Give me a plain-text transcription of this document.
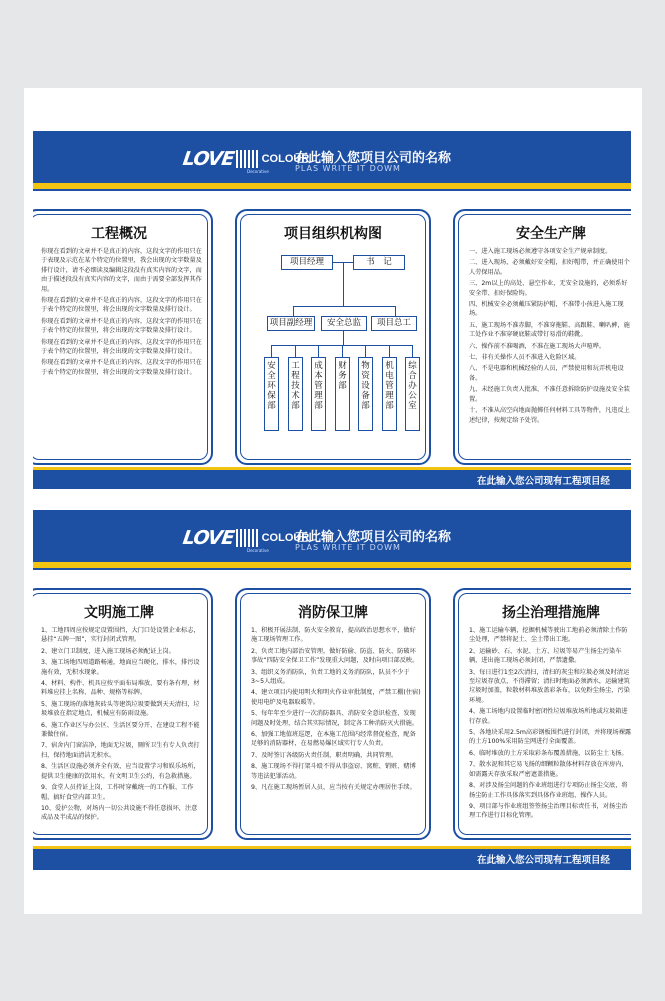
LOVE COLOUR
Decorative
在此输入您项目公司的名称
PLAS WRITE IT DOWM
工程概况

你现在看到的文章并不是真正的内容，这段文字的作用只在于表现及示范在某个特定的位置里，我会出现的文字数量及排行设计，请不必细读及编辑这段没有真实内容的文字，而由于描述段没有真实内容的文字，而由于需要全部发挥其作用。

你现在看到的文章并不是真正的内容，这段文字的作用只在于表个特定的位置里，将会出现的文字数量及排行设计。

你现在看到的文章并不是真正的内容，这段文字的作用只在于表个特定的位置里，将会出现的文字数量及排行设计。

你现在看到的文章并不是真正的内容，这段文字的作用只在于表个特定的位置里，将会出现的文字数量及排行设计。

你现在看到的文章并不是真正的内容，这段文字的作用只在于表个特定的位置里，将会出现的文字数量及排行设计。

项目组织机构图
项目经理	书　记
项目副经理	安全总监	项目总工
安全环保部
工程技术部
成本管理部
财务部
物资设备部
机电管理部
综合办公室
安全生产牌

一、进入施工现场必须遵守各项安全生产规章制度。

二、进入现场，必须戴好安全帽，扣好帽带，并正确使用个人劳保用品。

三、2m以上的高处、悬空作业，无安全设施的，必须系好安全带、扣好保险钩。

四、机械安全必须戴压紧防护帽，不准带小孩进入施工现场。

五、施工现场不准赤脚，不准穿拖鞋、高跟鞋、喇叭裤，施工处作业不准穿硬底鞋或带钉易滑的鞋靴。

六、操作前不准喝酒，不准在施工现场大声喧哗。

七、非有关操作人员不准进入危险区域。

八、不是电器和机械经验的人员，严禁使用和玩弄机电设备。

九、未经施工负责人批准，不准任意拆除防护设施及安全装置。

十、不准从高空向地面抛掷任何材料工具等物件，凡违反上述纪律，按规定给予处罚。

在此输入您公司现有工程项目经
LOVE COLOUR
Decorative
在此输入您项目公司的名称
PLAS WRITE IT DOWM
文明施工牌

1、工地四周应按规定设置围挡，大门口处设置企业标志，悬挂“五牌一图”，实行封闭式管理。

2、建立门卫制度，进入施工现场必须配证上岗。

3、施工场地四周道路畅通，地面应当硬化，排水，排污设施有效，无积水现象。

4、材料、构件、机具应按平面布局堆放，要有条有理，材料堆应挂上名称、品种、规格等标牌。

5、施工现场的落地灰砖头等建筑垃圾要做到天天清扫，垃圾堆放在指定地点，机械应有防雨设施。

6、施工作业区与办公区、生活区要分开，在建设工程不能兼做住宿。

7、宿舍内门窗洁净，地面无垃圾，厕所卫生有专人负责打扫，保持地面清洁无积水。

8、生活区设施必须齐全有效，应当设置学习和娱乐场所，提供卫生健康的饮用水，有文明卫生公约，有急救措施。

9、食堂人员持证上岗，工作时穿戴统一的工作服、工作帽，搞好食堂内部卫生。

10、爱护公物，对场内一切公共设施不得任意损坏，注意成品及半成品的保护。

消防保卫牌

1、积极开展法制、防火安全教育，提高政治思想水平，做好施工现场管理工作。

2、负责工地内部治安管理，做好防偷、防盗、防火、防破坏事故“四防安全保卫工作”发现重大问题，及时向项目部反映。

3、组织义务消防队，负责工地的义务消防队，队员不少于3~5人组成。

4、建立项目内使用明火和明火作业审批制度，严禁工棚(住宿)使用电炉及电器取暖等。

5、每年年至少进行一次消防器具、消防安全意识检查，发现问题及时处理，结合其实际情况，制定各工种消防灭火措施。

6、加强工地值班巡逻，在本施工范围内经常督促检查，配备足够的消防器材，在易燃易爆区域实行专人负责。

7、及时签订各级防火责任制，职责明确，共同管理。

8、施工现场不得打架斗殴不得从事盗窃、窝赃、销赃、赌博等违法犯罪活动。

9、凡在施工现场暂居人员，应当按有关规定办理居住手续。

扬尘治理措施牌

1、施工运输车辆，挖掘机械等驶出工地前必须清除土作防尘处理，严禁将泥土、尘土带出工地。

2、运输砂、石、水泥、土方、垃圾等易产生扬尘污染车辆，进出施工现场必须封闭，严禁遗撒。

3、每日进行1至2次清扫，清扫的灰尘和垃圾必须及时清运至垃圾存放点，不得滞留；清扫时地面必须洒水，运输建筑垃圾时加盖，粒散材料堆放盖彩条布，以免粉尘扬尘，污染环境。

4、施工场地内设置临时密闭性垃圾堆放场所地或垃圾箱进行存放。

5、各地块采用2.5m高彩钢板围挡进行封闭，并将现场裸露的土方100%采用防尘网进行全面覆盖。

6、临时堆放的土方采取彩条布覆盖措施，以防尘土飞扬。

7、散水泥和其它易飞扬的细颗粒散体材料存放在库房内，如需露天存放采取严密遮盖措施。

8、对涉及扬尘问题的作业班组进行专项防止扬尘交底，将扬尘防止工作具体落实到具体作业班组、操作人员。

9、项目部与作业班组签签扬尘治理目标责任书，对扬尘治理工作进行目标化管理。

在此输入您公司现有工程项目经
